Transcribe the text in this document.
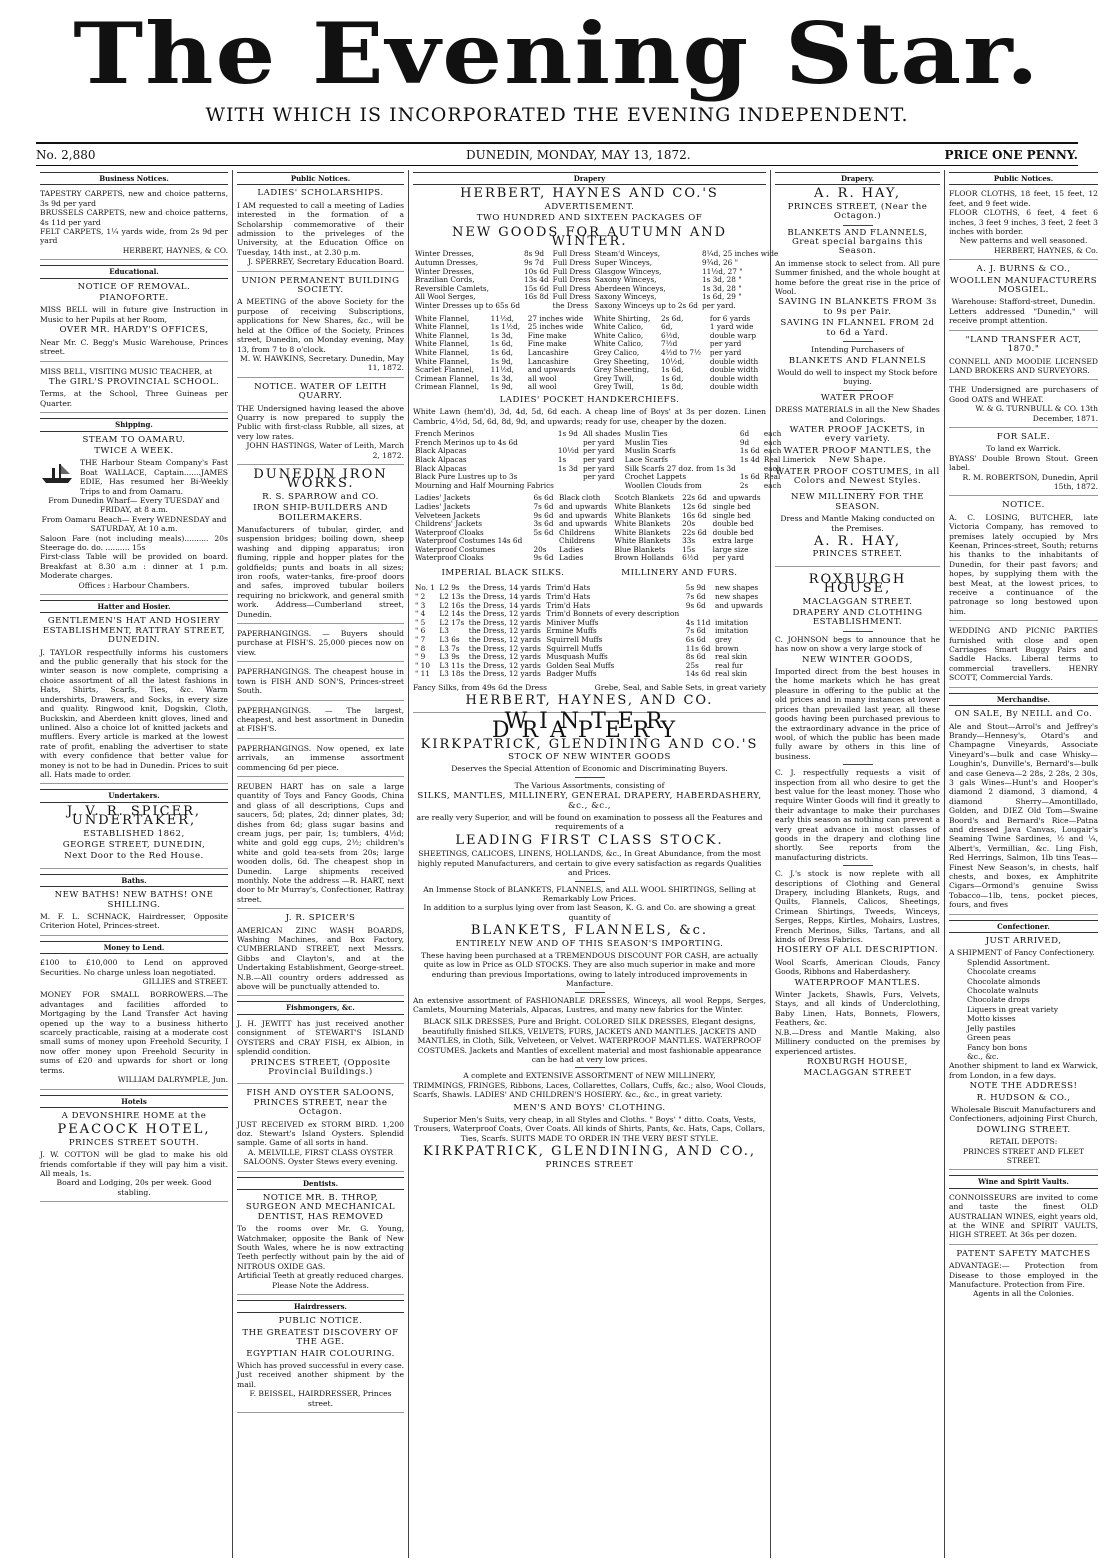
The Evening Star.
WITH WHICH IS INCORPORATED THE EVENING INDEPENDENT.
No. 2,880	DUNEDIN, MONDAY, MAY 13, 1872.	PRICE ONE PENNY.
Business Notices.
TAPESTRY CARPETS, new and choice patterns, 3s 9d per yard
BRUSSELS CARPETS, new and choice patterns, 4s 11d per yard
FELT CARPETS, 1¼ yards wide, from 2s 9d per yard
HERBERT, HAYNES, & CO.
Educational.
NOTICE OF REMOVAL.
PIANOFORTE.
MISS BELL will in future give Instruction in Music to her Pupils at her Room,
OVER MR. HARDY'S OFFICES,
Near Mr. C. Begg's Music Warehouse, Princes street.
MISS BELL, VISITING MUSIC TEACHER, at
The GIRL'S PROVINCIAL SCHOOL.
Terms, at the School, Three Guineas per Quarter.
Shipping.
STEAM TO OAMARU.
TWICE A WEEK.
THE Harbour Steam Company's Fast Boat WALLACE, Captain.......JAMES EDIE, Has resumed her Bi-Weekly Trips to and from Oamaru.
From Dunedin Wharf— Every TUESDAY and FRIDAY, at 8 a.m.
From Oamaru Beach— Every WEDNESDAY and SATURDAY, At 10 a.m.
Saloon Fare (not including meals).......... 20s Steerage do. do. .......... 15s
First-class Table will be provided on board. Breakfast at 8.30 a.m : dinner at 1 p.m. Moderate charges.
Offices : Harbour Chambers.
Hatter and Hosier.
GENTLEMEN'S HAT AND HOSIERY ESTABLISHMENT, RATTRAY STREET, DUNEDIN.
J. TAYLOR respectfully informs his customers and the public generally that his stock for the winter season is now complete, comprising a choice assortment of all the latest fashions in Hats, Shirts, Scarfs, Ties, &c. Warm undershirts, Drawers, and Socks, in every size and quality. Ringwood knit, Dogskin, Cloth, Buckskin, and Aberdeen knitt gloves, lined and unlined. Also a choice lot of knitted jackets and mufflers. Every article is marked at the lowest rate of profit, enabling the advertiser to state with every confidence that better value for money is not to be had in Dunedin. Prices to suit all. Hats made to order.
Undertakers.
J. V. R. SPICER, UNDERTAKER,
ESTABLISHED 1862,
GEORGE STREET, DUNEDIN,
Next Door to the Red House.
Baths.
NEW BATHS! NEW BATHS! ONE SHILLING.
M. F. L. SCHNACK, Hairdresser, Opposite Criterion Hotel, Princes-street.
Money to Lend.
£100 to £10,000 to Lend on approved Securities. No charge unless loan negotiated.
GILLIES and STREET.
MONEY FOR SMALL BORROWERS.—The advantages and facilities afforded to Mortgaging by the Land Transfer Act having opened up the way to a business hitherto scarcely practicable, raising at a moderate cost small sums of money upon Freehold Security, I now offer money upon Freehold Security in sums of £20 and upwards for short or long terms.
WILLIAM DALRYMPLE, Jun.
Hotels
A DEVONSHIRE HOME at the
PEACOCK HOTEL,
PRINCES STREET SOUTH.
J. W. COTTON will be glad to make his old friends comfortable if they will pay him a visit. All meals, 1s.
Board and Lodging, 20s per week. Good stabling.
Public Notices.
LADIES' SCHOLARSHIPS.
I AM requested to call a meeting of Ladies interested in the formation of a Scholarship commemorative of their admission to the priveleges of the University, at the Education Office on Tuesday, 14th inst., at 2.30 p.m.
J. SPERREY, Secretary Education Board.
UNION PERMANENT BUILDING SOCIETY.
A MEETING of the above Society for the purpose of receiving Subscriptions, applications for New Shares, &c., will be held at the Office of the Society, Princes street, Dunedin, on Monday evening, May 13, from 7 to 8 o'clock.
M. W. HAWKINS, Secretary. Dunedin, May 11, 1872.
NOTICE. WATER OF LEITH QUARRY.
THE Undersigned having leased the above Quarry is now prepared to supply the Public with first-class Rubble, all sizes, at very low rates.
JOHN HASTINGS, Water of Leith, March 2, 1872.
DUNEDIN IRON WORKS.
R. S. SPARROW and CO.
IRON SHIP-BUILDERS AND BOILERMAKERS.
Manufacturers of tubular, girder, and suspension bridges; boiling down, sheep washing and dipping apparatus; iron fluming, ripple and hopper plates for the goldfields; punts and boats in all sizes; iron roofs, water-tanks, fire-proof doors and safes, improved tubular boilers requiring no brickwork, and general smith work. Address—Cumberland street, Dunedin.
PAPERHANGINGS. — Buyers should purchase at FISH'S. 25,000 pieces now on view.
PAPERHANGINGS. The cheapest house in town is FISH AND SON'S, Princes-street South.
PAPERHANGINGS. — The largest, cheapest, and best assortment in Dunedin at FISH'S.
PAPERHANGINGS. Now opened, ex late arrivals, an immense assortment commencing 6d per piece.
REUBEN HART has on sale a large quantity of Toys and Fancy Goods, China and glass of all descriptions, Cups and saucers, 5d; plates, 2d; dinner plates, 3d; dishes from 6d; glass sugar basins and cream jugs, per pair, 1s; tumblers, 4½d; white and gold egg cups, 2½; children's white and gold tea-sets from 20s; large wooden dolls, 6d. The cheapest shop in Dunedin. Large shipments received monthly. Note the address —R. HART, next door to Mr Murray's, Confectioner, Rattray street.
J. R. SPICER'S
AMERICAN ZINC WASH BOARDS, Washing Machines, and Box Factory, CUMBERLAND STREET, next Messrs. Gibbs and Clayton's, and at the Undertaking Establishment, George-street. N.B.—All country orders addressed as above will be punctually attended to.
Fishmongers, &c.
J. H. JEWITT has just received another consignment of STEWART'S ISLAND OYSTERS and CRAY FISH, ex Albion, in splendid condition.
PRINCES STREET, (Opposite Provincial Buildings.)
FISH AND OYSTER SALOONS, PRINCES STREET, near the Octagon.
JUST RECEIVED ex STORM BIRD. 1,200 doz. Stewart's Island Oysters. Splendid sample. Game of all sorts in hand.
A. MELVILLE, FIRST CLASS OYSTER SALOONS. Oyster Stews every evening.
Dentists.
NOTICE MR. B. THROP, SURGEON AND MECHANICAL DENTIST, HAS REMOVED
To the rooms over Mr. G. Young, Watchmaker, opposite the Bank of New South Wales, where he is now extracting Teeth perfectly without pain by the aid of NITROUS OXIDE GAS.
Artificial Teeth at greatly reduced charges. Please Note the Address.
Hairdressers.
PUBLIC NOTICE.
THE GREATEST DISCOVERY OF THE AGE.
EGYPTIAN HAIR COLOURING.
Which has proved successful in every case. Just received another shipment by the mail.
F. BEISSEL, HAIRDRESSER, Princes street.
Drapery
HERBERT, HAYNES AND CO.'S
ADVERTISEMENT.
TWO HUNDRED AND SIXTEEN PACKAGES OF
NEW GOODS FOR AUTUMN AND WINTER.
Winter Dresses,	8s 9d	Full Dress	Steam'd Winceys,	8¼d, 25 inches wide
Autumn Dresses,	9s 7d	Full Dress	Super Winceys,	9¾d, 26 "
Winter Dresses,	10s 6d	Full Dress	Glasgow Winceys,	11½d, 27 "
Brazilian Cords,	13s 4d	Full Dress	Saxony Winceys,	1s 3d, 28 "
Reversible Camlets,	15s 6d	Full Dress	Aberdeen Winceys,	1s 3d, 28 "
All Wool Serges,	16s 8d	Full Dress	Saxony Winceys,	1s 6d, 29 "
Winter Dresses up to 65s 6d		the Dress	Saxony Winceys up to 2s 6d	per yard.
White Flannel,	11½d,	27 inches wide	White Shirting,	2s 6d,	for 6 yards
White Flannel,	1s 1½d,	25 inches wide	White Calico,	6d,	1 yard wide
White Flannel,	1s 3d,	Fine make	White Calico,	6½d,	double warp
White Flannel,	1s 6d,	Fine make	White Calico,	7½d	per yard
White Flannel,	1s 6d,	Lancashire	Grey Calico,	4½d to 7½	per yard
White Flannel,	1s 9d,	Lancashire	Grey Sheeting,	10½d,	double width
Scarlet Flannel,	11½d,	and upwards	Grey Sheeting,	1s 6d,	double width
Crimean Flannel,	1s 3d,	all wool	Grey Twill,	1s 6d,	double width
Crimean Flannel,	1s 9d,	all wool	Grey Twill,	1s 8d,	double width
LADIES' POCKET HANDKERCHIEFS.
White Lawn (hem'd), 3d, 4d, 5d, 6d each. A cheap line of Boys' at 3s per dozen. Linen Cambric, 4½d, 5d, 6d, 8d, 9d, and upwards; ready for use, cheaper by the dozen.
French Merinos	1s 9d	All shades	Muslin Ties	6d	each
French Merinos up to 4s 6d		per yard	Muslin Ties	9d	each
Black Alpacas	10½d	per yard	Muslin Scarfs	1s 6d	each
Black Alpacas	1s	per yard	Lace Scarfs	1s 4d	Real Limerick
Black Alpacas	1s 3d	per yard	Silk Scarfs 27 doz. from 1s 3d		each
Black Pure Lustres up to 3s		per yard	Crochet Lappets	1s 6d	Real
Mourning and Half Mourning Fabrics			Woollen Clouds from	2s	each
Ladies' Jackets	6s 6d	Black cloth	Scotch Blankets	22s 6d	and upwards
Ladies' Jackets	7s 6d	and upwards	White Blankets	12s 6d	single bed
Velveteen Jackets	9s 6d	and upwards	White Blankets	16s 6d	single bed
Childrens' Jackets	3s 6d	and upwards	White Blankets	20s	double bed
Waterproof Cloaks	5s 6d	Childrens	White Blankets	22s 6d	double bed
Waterproof Costumes 14s 6d		Childrens	White Blankets	33s	extra large
Waterproof Costumes	20s	Ladies	Blue Blankets	15s	large size
Waterproof Cloaks	9s 6d	Ladies	Brown Hollands	6½d	per yard
IMPERIAL BLACK SILKS.	MILLINERY AND FURS.
No. 1	L2 9s	the Dress, 14 yards	Trim'd Hats	5s 9d	new shapes
" 2	L2 13s	the Dress, 14 yards	Trim'd Hats	7s 6d	new shapes
" 3	L2 16s	the Dress, 14 yards	Trim'd Hats	9s 6d	and upwards
" 4	L2 14s	the Dress, 12 yards	Trim'd Bonnets of every description		
" 5	L2 17s	the Dress, 12 yards	Miniver Muffs	4s 11d	imitation
" 6	L3	the Dress, 12 yards	Ermine Muffs	7s 6d	imitation
" 7	L3 6s	the Dress, 12 yards	Squirrell Muffs	6s 6d	grey
" 8	L3 7s	the Dress, 12 yards	Squirrell Muffs	11s 6d	brown
" 9	L3 9s	the Dress, 12 yards	Musquash Muffs	8s 6d	real skin
" 10	L3 11s	the Dress, 12 yards	Golden Seal Muffs	25s	real fur
" 11	L3 18s	the Dress, 12 yards	Badger Muffs	14s 6d	real skin
Fancy Silks, from 49s 6d the Dress	Grebe, Seal, and Sable Sets, in great variety
HERBERT, HAYNES, AND CO.
WINTER DRAPERY
KIRKPATRICK, GLENDINING AND CO.'S
STOCK OF NEW WINTER GOODS
Deserves the Special Attention of Economic and Discriminating Buyers.
The Various Assortments, consisting of
SILKS, MANTLES, MILLINERY, GENERAL DRAPERY, HABERDASHERY, &c., &c.,
are really very Superior, and will be found on examination to possess all the Features and requirements of a
LEADING FIRST CLASS STOCK.
SHEETINGS, CALICOES, LINENS, HOLLANDS, &c., In Great Abundance, from the most highly reputed Manufacturers, and certain to give every satisfaction as regards Qualities and Prices.
An Immense Stock of BLANKETS, FLANNELS, and ALL WOOL SHIRTINGS, Selling at Remarkably Low Prices.
In addition to a surplus lying over from last Season, K. G. and Co. are showing a great quantity of
BLANKETS, FLANNELS, &c.
ENTIRELY NEW AND OF THIS SEASON'S IMPORTING.
These having been purchased at a TREMENDOUS DISCOUNT FOR CASH, are actually quite as low in Price as OLD STOCKS. They are also much superior in make and more enduring than previous Importations, owing to lately introduced improvements in Manfacture.
An extensive assortment of FASHIONABLE DRESSES, Winceys, all wool Repps, Serges, Camlets, Mourning Materials, Alpacas, Lustres, and many new fabrics for the Winter.
BLACK SILK DRESSES, Pure and Bright. COLORED SILK DRESSES, Elegant designs, beautifully finished SILKS, VELVETS, FURS, JACKETS AND MANTLES. JACKETS AND MANTLES, in Cloth, Silk, Velveteen, or Velvet. WATERPROOF MANTLES. WATERPROOF COSTUMES. Jackets and Mantles of excellent material and most fashionable appearance can be had at very low prices.
A complete and EXTENSIVE ASSORTMENT of NEW MILLINERY,
TRIMMINGS, FRINGES, Ribbons, Laces, Collarettes, Collars, Cuffs, &c.; also, Wool Clouds, Scarfs, Shawls. LADIES' AND CHILDREN'S HOSIERY. &c., &c., in great variety.
MEN'S AND BOYS' CLOTHING.
Superior Men's Suits, very cheap, in all Styles and Cloths. " Boys' " ditto. Coats, Vests, Trousers, Waterproof Coats, Over Coats. All kinds of Shirts, Pants, &c. Hats, Caps, Collars, Ties, Scarfs. SUITS MADE TO ORDER IN THE VERY BEST STYLE.
KIRKPATRICK, GLENDINING, AND CO.,
PRINCES STREET
Drapery.
A. R. HAY,
PRINCES STREET, (Near the Octagon.)
BLANKETS AND FLANNELS, Great special bargains this Season.
An immense stock to select from. All pure Summer finished, and the whole bought at home before the great rise in the price of Wool.
SAVING IN BLANKETS FROM 3s to 9s per Pair.
SAVING IN FLANNEL FROM 2d to 6d a Yard.
Intending Purchasers of
BLANKETS AND FLANNELS
Would do well to inspect my Stock before buying.
WATER PROOF
DRESS MATERIALS in all the New Shades and Colorings.
WATER PROOF JACKETS, in every variety.
WATER PROOF MANTLES, the New Shape.
WATER PROOF COSTUMES, in all Colors and Newest Styles.
NEW MILLINERY FOR THE SEASON.
Dress and Mantle Making conducted on the Premises.
A. R. HAY,
PRINCES STREET.
ROXBURGH HOUSE,
MACLAGGAN STREET.
DRAPERY AND CLOTHING ESTABLISHMENT.
C. JOHNSON begs to announce that he has now on show a very large stock of
NEW WINTER GOODS,
Imported direct from the best houses in the home markets which he has great pleasure in offering to the public at the old prices and in many instances at lower prices than prevailed last year, all these goods having been purchased previous to the extraordinary advance in the price of wool, of which the public has been made fully aware by others in this line of business.
C. J. respectfully requests a visit of inspection from all who desire to get the best value for the least money. Those who require Winter Goods will find it greatly to their advantage to make their purchases early this season as nothing can prevent a very great advance in most classes of goods in the drapery and clothing line shortly. See reports from the manufacturing districts.
C. J.'s stock is now replete with all descriptions of Clothing and General Drapery, including Blankets, Rugs, and Quilts, Flannels, Calicos, Sheetings, Crimean Shirtings, Tweeds, Winceys, Serges, Repps, Kirtles, Mohairs, Lustres, French Merinos, Silks, Tartans, and all kinds of Dress Fabrics.
HOSIERY OF ALL DESCRIPTION.
Wool Scarfs, American Clouds, Fancy Goods, Ribbons and Haberdashery.
WATERPROOF MANTLES.
Winter Jackets, Shawls, Furs, Velvets, Stays, and all kinds of Underclothing, Baby Linen, Hats, Bonnets, Flowers, Feathers, &c.
N.B.—Dress and Mantle Making, also Millinery conducted on the premises by experienced artistes.
ROXBURGH HOUSE,
MACLAGGAN STREET
Public Notices.
FLOOR CLOTHS, 18 feet, 15 feet, 12 feet, and 9 feet wide.
FLOOR CLOTHS, 6 feet, 4 feet 6 inches, 3 feet 9 inches, 3 feet, 2 feet 3 inches with border.
New patterns and well seasoned.
HERBERT, HAYNES, & Co.
A. J. BURNS & CO.,
WOOLLEN MANUFACTURERS MOSGIEL.
Warehouse: Stafford-street, Dunedin.
Letters addressed "Dunedin," will receive prompt attention.
"LAND TRANSFER ACT, 1870."
CONNELL AND MOODIE LICENSED LAND BROKERS AND SURVEYORS.
THE Undersigned are purchasers of Good OATS and WHEAT.
W. & G. TURNBULL & CO. 13th December, 1871.
FOR SALE.
To land ex Warrick.
BYASS' Double Brown Stout. Green label.
R. M. ROBERTSON, Dunedin, April 15th, 1872.
NOTICE.
A. C. LOSING, BUTCHER, late Victoria Company, has removed to premises lately occupied by Mrs Keenan, Princes-street, South; returns his thanks to the inhabitants of Dunedin, for their past favors; and hopes, by supplying them with the best Meat, at the lowest prices, to receive a continuance of the patronage so long bestowed upon him.
WEDDING AND PICNIC PARTIES furnished with close and open Carriages Smart Buggy Pairs and Saddle Hacks. Liberal terms to commercial travellers. HENRY SCOTT, Commercial Yards.
Merchandise.
ON SALE, By NEILL and Co.
Ale and Stout—Arrol's and Jeffrey's Brandy—Hennesy's, Otard's and Champagne Vineyards, Associate Vineyard's—bulk and case Whisky—Loughin's, Dunville's, Bernard's—bulk and case Geneva—2 28s, 2 28s, 2 30s, 3 gals Wines—Hunt's and Hooper's diamond 2 diamond, 3 diamond, 4 diamond Sherry—Amontillado, Golden, and DIEZ Old Tom—Swaine Boord's and Bernard's Rice—Patna and dressed Java Canvas, Lougair's Seaming Twine Sardines, ½ and ¼, Albert's, Vermillian, &c. Ling Fish, Red Herrings, Salmon, 1lb tins Teas—Finest New Season's, in chests, half chests, and boxes, ex Amphitrite Cigars—Ormond's genuine Swiss Tobacco—1lb, tens, pocket pieces, fours, and fives
Confectioner.
JUST ARRIVED,
A SHIPMENT of Fancy Confectionery.
Splendid Assortment.
Chocolate creams
Chocolate almonds
Chocolate walnuts
Chocolate drops
Liquers in great variety
Motto kisses
Jelly pastiles
Green peas
Fancy bon bons
&c., &c.
Another shipment to land ex Warwick, from London, in a few days.
NOTE THE ADDRESS!
R. HUDSON & CO.,
Wholesale Biscuit Manufacturers and Confectioners, adjoining First Church,
DOWLING STREET.
RETAIL DEPOTS:
PRINCES STREET AND FLEET STREET.
Wine and Spirit Vaults.
CONNOISSEURS are invited to come and taste the finest OLD AUSTRALIAN WINES, eight years old, at the WINE and SPIRIT VAULTS, HIGH STREET. At 36s per dozen.
PATENT SAFETY MATCHES
ADVANTAGE:— Protection from Disease to those employed in the Manufacture. Protection from Fire.
Agents in all the Colonies.
